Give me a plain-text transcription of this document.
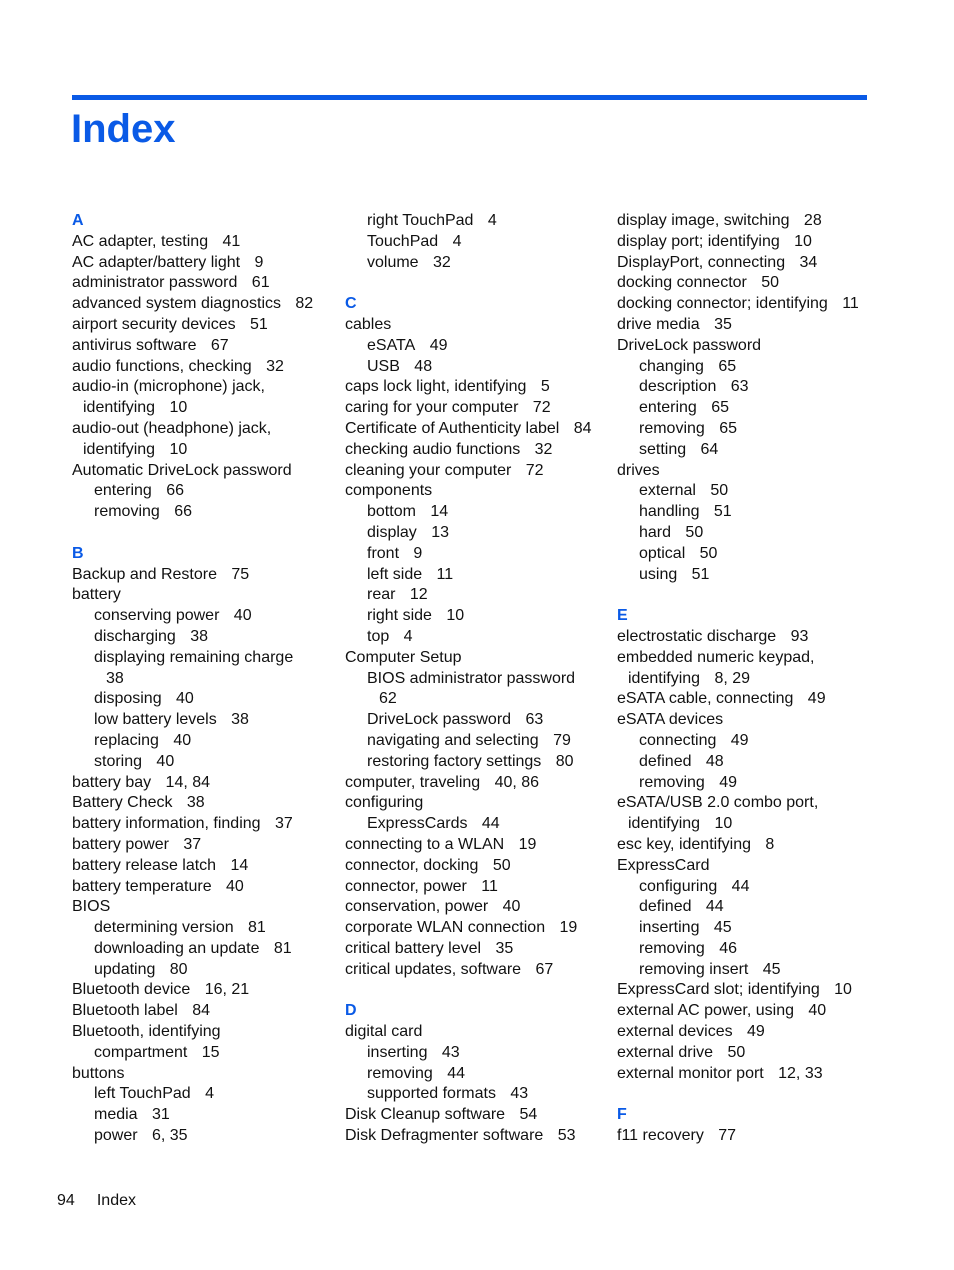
Index
A
AC adapter, testing 41
AC adapter/battery light 9
administrator password 61
advanced system diagnostics 82
airport security devices 51
antivirus software 67
audio functions, checking 32
audio-in (microphone) jack,
identifying 10
audio-out (headphone) jack,
identifying 10
Automatic DriveLock password
entering 66
removing 66
B
Backup and Restore 75
battery
conserving power 40
discharging 38
displaying remaining charge
38
disposing 40
low battery levels 38
replacing 40
storing 40
battery bay 14, 84
Battery Check 38
battery information, finding 37
battery power 37
battery release latch 14
battery temperature 40
BIOS
determining version 81
downloading an update 81
updating 80
Bluetooth device 16, 21
Bluetooth label 84
Bluetooth, identifying
compartment 15
buttons
left TouchPad 4
media 31
power 6, 35
right TouchPad 4
TouchPad 4
volume 32
C
cables
eSATA 49
USB 48
caps lock light, identifying 5
caring for your computer 72
Certificate of Authenticity label 84
checking audio functions 32
cleaning your computer 72
components
bottom 14
display 13
front 9
left side 11
rear 12
right side 10
top 4
Computer Setup
BIOS administrator password
62
DriveLock password 63
navigating and selecting 79
restoring factory settings 80
computer, traveling 40, 86
configuring
ExpressCards 44
connecting to a WLAN 19
connector, docking 50
connector, power 11
conservation, power 40
corporate WLAN connection 19
critical battery level 35
critical updates, software 67
D
digital card
inserting 43
removing 44
supported formats 43
Disk Cleanup software 54
Disk Defragmenter software 53
display image, switching 28
display port; identifying 10
DisplayPort, connecting 34
docking connector 50
docking connector; identifying 11
drive media 35
DriveLock password
changing 65
description 63
entering 65
removing 65
setting 64
drives
external 50
handling 51
hard 50
optical 50
using 51
E
electrostatic discharge 93
embedded numeric keypad,
identifying 8, 29
eSATA cable, connecting 49
eSATA devices
connecting 49
defined 48
removing 49
eSATA/USB 2.0 combo port,
identifying 10
esc key, identifying 8
ExpressCard
configuring 44
defined 44
inserting 45
removing 46
removing insert 45
ExpressCard slot; identifying 10
external AC power, using 40
external devices 49
external drive 50
external monitor port 12, 33
F
f11 recovery 77
94 Index
